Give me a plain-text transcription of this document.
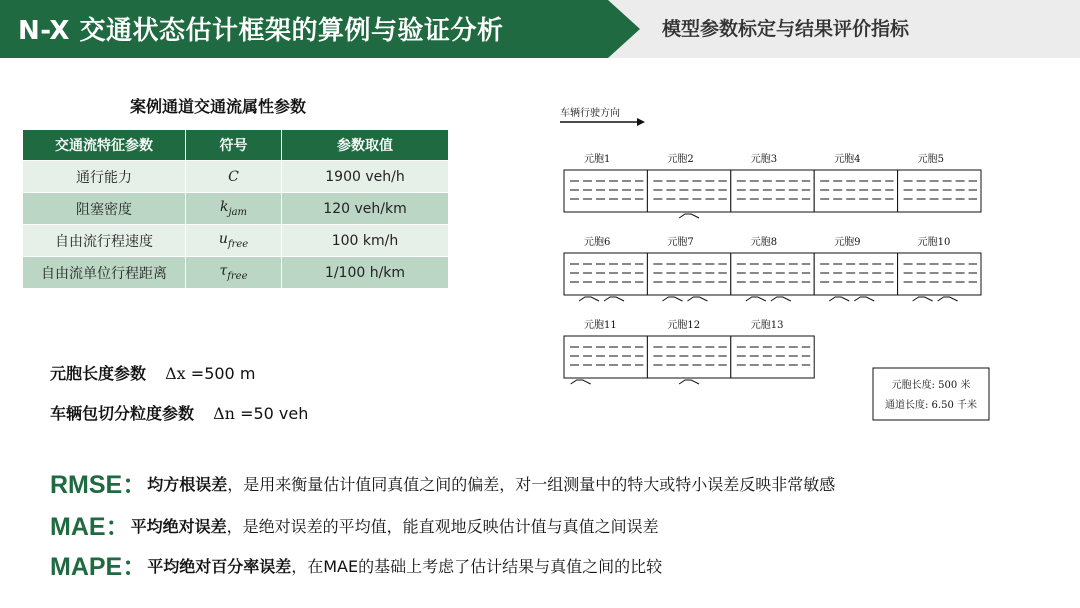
N-X 交通状态估计框架的算例与验证分析	模型参数标定与结果评价指标
案例通道交通流属性参数
交通流特征参数	符号	参数取值
通行能力	C	1900 veh/h
阻塞密度	$k_{jam}$	120 veh/km
自由流行程速度	$u_{free}$	100 km/h
自由流单位行程距离	$\tau_{free}$	1/100 h/km
元胞长度参数 Δx =500 m
车辆包切分粒度参数 Δn =50 veh
RMSE：均方根误差，是用来衡量估计值同真值之间的偏差，对一组测量中的特大或特小误差反映非常敏感
MAE：平均绝对误差，是绝对误差的平均值，能直观地反映估计值与真值之间误差
MAPE：平均绝对百分率误差，在MAE的基础上考虑了估计结果与真值之间的比较
车辆行驶方向
元胞1	元胞2	元胞3	元胞4	元胞5
元胞6	元胞7	元胞8	元胞9	元胞10
元胞11	元胞12	元胞13
元胞长度: 500 米
通道长度: 6.50 千米
